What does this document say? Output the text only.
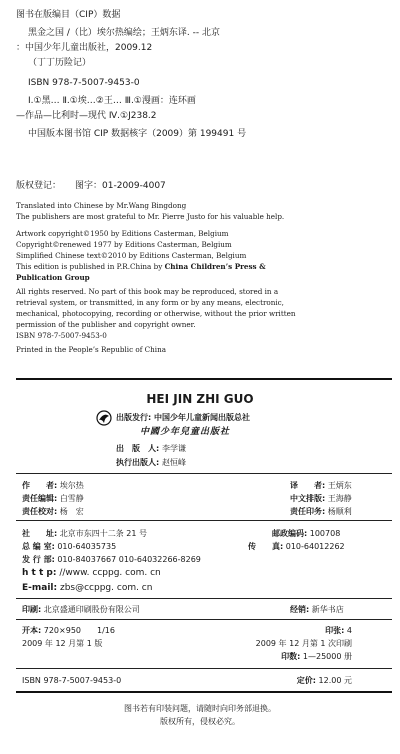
图书在版编目（CIP）数据
黑金之国 /（比）埃尔热编绘；王炳东译. -- 北京
：中国少年儿童出版社，2009.12
（丁丁历险记）
ISBN 978-7-5007-9453-0
Ⅰ.①黑… Ⅱ.①埃…②王… Ⅲ.①漫画：连环画
—作品—比利时—现代 Ⅳ.①J238.2
中国版本图书馆 CIP 数据核字（2009）第 199491 号
版权登记： 图字：01-2009-4007
Translated into Chinese by Mr.Wang Bingdong
The publishers are most grateful to Mr. Pierre Justo for his valuable help.
Artwork copyright©1950 by Editions Casterman, Belgium
Copyright©renewed 1977 by Editions Casterman, Belgium
Simplified Chinese text©2010 by Editions Casterman, Belgium
This edition is published in P.R.China by China Children’s Press &
Publication Group
All rights reserved. No part of this book may be reproduced, stored in a
retrieval system, or transmitted, in any form or by any means, electronic,
mechanical, photocopying, recording or otherwise, without the prior written
permission of the publisher and copyright owner.
ISBN 978-7-5007-9453-0
Printed in the People’s Republic of China
HEI JIN ZHI GUO
出版发行: 中国少年儿童新闻出版总社
中國少年兒童出版社
出　版　人: 李学谦
执行出版人: 赵恒峰
作　　者: 埃尔热	译　　者: 王炳东
责任编辑: 白雪静	中文排版: 王海静
责任校对: 杨　宏	责任印务: 杨顺利
社　　址: 北京市东四十二条 21 号	邮政编码: 100708
总 编 室: 010-64035735	传　　真: 010-64012262
发 行 部: 010-84037667 010-64032266-8269
h t t p: //www. ccppg. com. cn
E-mail: zbs@ccppg. com. cn
印刷: 北京盛通印刷股份有限公司	经销: 新华书店
开本: 720×950　　1/16	印张: 4
2009 年 12 月第 1 版	2009 年 12 月第 1 次印刷
印数: 1—25000 册
ISBN 978-7-5007-9453-0	定价: 12.00 元
图书若有印装问题，请随时向印务部退换。
版权所有，侵权必究。
